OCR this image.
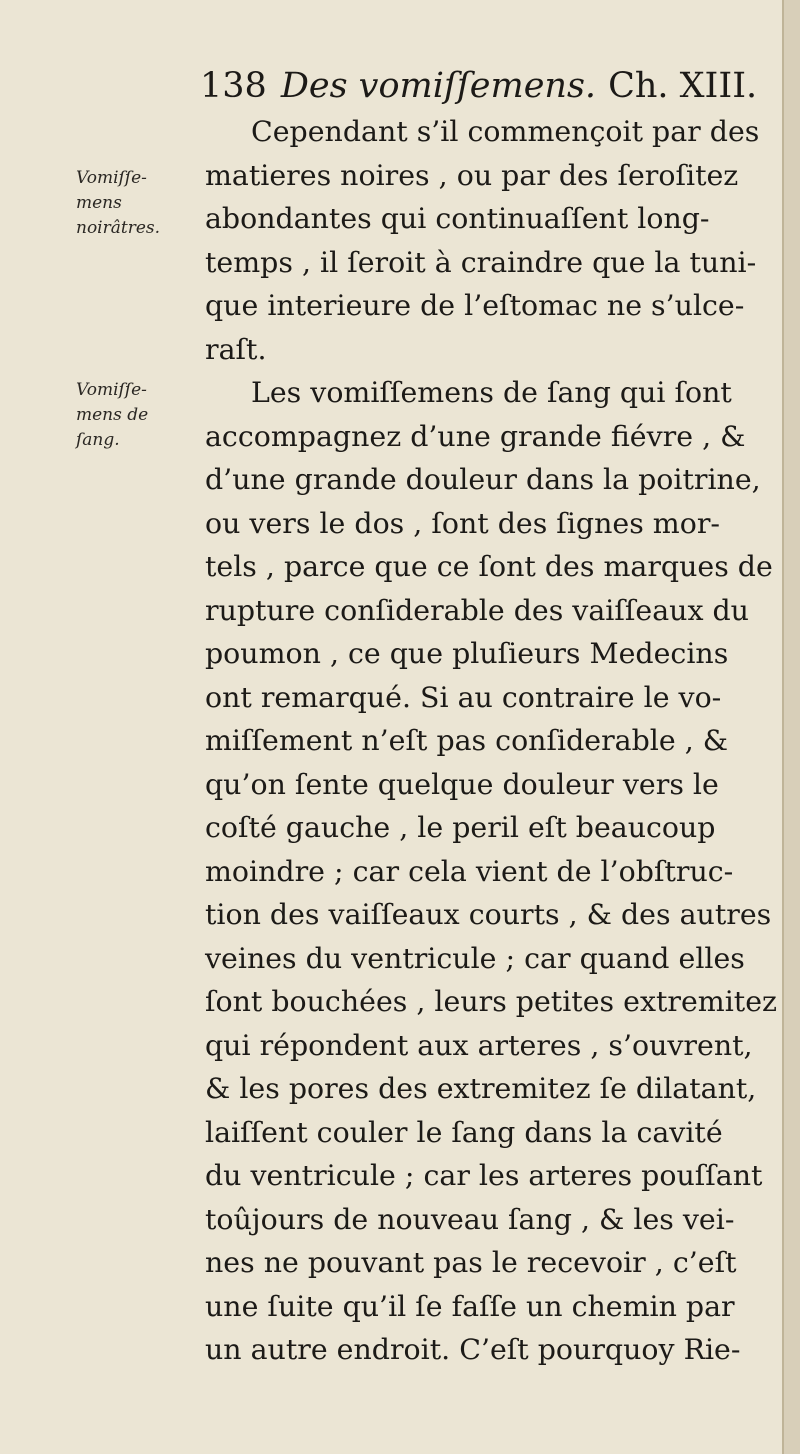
138 Des vomiſſemens. Ch. XIII.
Vomiſſe-
mens
noirâtres.
Vomiſſe-
mens de
ſang.
Cependant s’il commençoit par des
matieres noires , ou par des ſeroſitez
abondantes qui continuaſſent long-
temps , il ſeroit à craindre que la tuni-
que interieure de l’eſtomac ne s’ulce-
raſt.
Les vomiſſemens de ſang qui ſont
accompagnez d’une grande fiévre , &
d’une grande douleur dans la poitrine,
ou vers le dos , ſont des ſignes mor-
tels , parce que ce ſont des marques de
rupture conſiderable des vaiſſeaux du
poumon , ce que pluſieurs Medecins
ont remarqué. Si au contraire le vo-
miſſement n’eſt pas conſiderable , &
qu’on ſente quelque douleur vers le
coſté gauche , le peril eſt beaucoup
moindre ; car cela vient de l’obſtruc-
tion des vaiſſeaux courts , & des autres
veines du ventricule ; car quand elles
ſont bouchées , leurs petites extremitez
qui répondent aux arteres , s’ouvrent,
& les pores des extremitez ſe dilatant,
laiſſent couler le ſang dans la cavité
du ventricule ; car les arteres pouſſant
toûjours de nouveau ſang , & les vei-
nes ne pouvant pas le recevoir , c’eſt
une ſuite qu’il ſe faſſe un chemin par
un autre endroit. C’eſt pourquoy Rie-
